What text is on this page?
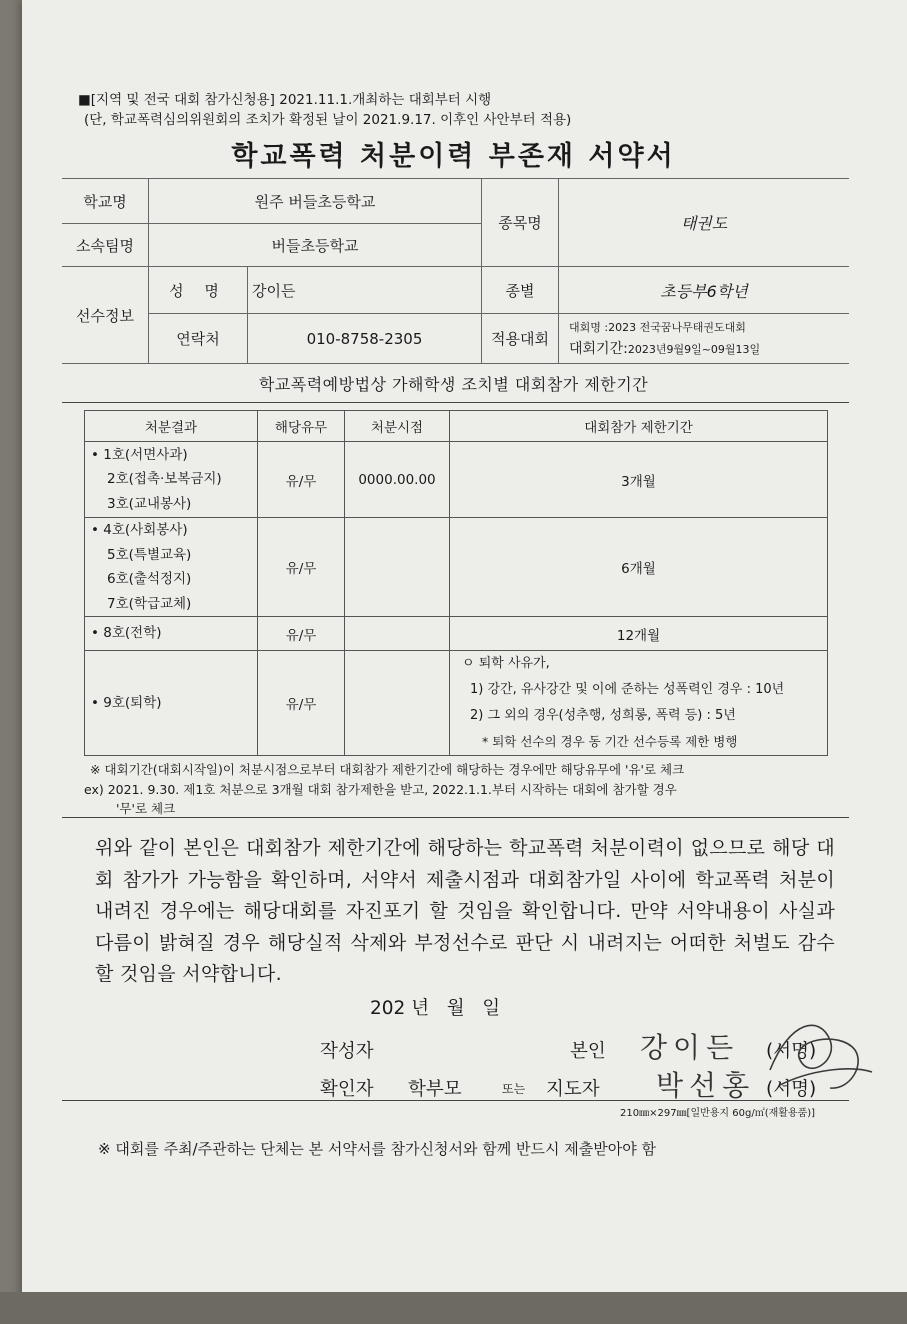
■[지역 및 전국 대회 참가신청용] 2021.11.1.개최하는 대회부터 시행
(단, 학교폭력심의위원회의 조치가 확정된 날이 2021.9.17. 이후인 사안부터 적용)
학교폭력 처분이력 부존재 서약서
학교명	원주 버들초등학교		종목명	태권도
소속팀명	버들초등학교			
선수정보	성 명	강이든	종별	초등부6학년
	연락처	010-8758-2305	적용대회	대회명 :2023 전국꿈나무태권도대회
대회기간:2023년9월9일~09월13일
학교폭력예방법상 가해학생 조치별 대회참가 제한기간
처분결과	해당유무	처분시점	대회참가 제한기간

• 1호(서면사과)
2호(접촉·보복금지)
3호(교내봉사)	유/무	0000.00.00	3개월

• 4호(사회봉사)
5호(특별교육)
6호(출석정지)
7호(학급교체)	유/무		6개월
• 8호(전학)	유/무		12개월
• 9호(퇴학)	유/무		ㅇ 퇴학 사유가,
1) 강간, 유사강간 및 이에 준하는 성폭력인 경우 : 10년
2) 그 외의 경우(성추행, 성희롱, 폭력 등) : 5년
* 퇴학 선수의 경우 동 기간 선수등록 제한 병행
※ 대회기간(대회시작일)이 처분시점으로부터 대회참가 제한기간에 해당하는 경우에만 해당유무에 '유'로 체크
ex) 2021. 9.30. 제1호 처분으로 3개월 대회 참가제한을 받고, 2022.1.1.부터 시작하는 대회에 참가할 경우
'무'로 체크
위와 같이 본인은 대회참가 제한기간에 해당하는 학교폭력 처분이력이 없으므로 해당 대회 참가가 가능함을 확인하며, 서약서 제출시점과 대회참가일 사이에 학교폭력 처분이 내려진 경우에는 해당대회를 자진포기 할 것임을 확인합니다. 만약 서약내용이 사실과 다름이 밝혀질 경우 해당실적 삭제와 부정선수로 판단 시 내려지는 어떠한 처벌도 감수할 것임을 서약합니다.
202 년   월   일
작성자	본인 강이든 (서명)
확인자 학부모	또는 지도자 박선홍 (서명)
210㎜×297㎜[일반용지 60g/㎡(재활용품)]
※ 대회를 주최/주관하는 단체는 본 서약서를 참가신청서와 함께 반드시 제출받아야 함
